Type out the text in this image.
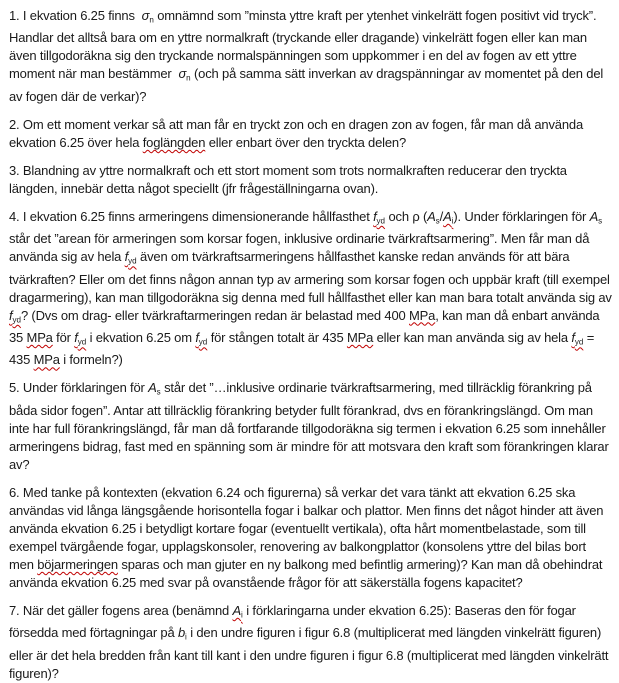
1. I ekvation 6.25 finns  $\sigma_n$ omnämnd som ”minsta yttre kraft per ytenhet vinkelrätt fogen positivt vid tryck”. Handlar det alltså bara om en yttre normalkraft (tryckande eller dragande) vinkelrätt fogen eller kan man även tillgodoräkna sig den tryckande normalspänningen som uppkommer i en del av fogen av ett yttre moment när man bestämmer  $\sigma_n$ (och på samma sätt inverkan av dragspänningar av momentet på den del av fogen där de verkar)?

2. Om ett moment verkar så att man får en tryckt zon och en dragen zon av fogen, får man då använda ekvation 6.25 över hela foglängden eller enbart över den tryckta delen?

3. Blandning av yttre normalkraft och ett stort moment som trots normalkraften reducerar den tryckta längden, innebär detta något speciellt (jfr frågeställningarna ovan).

4. I ekvation 6.25 finns armeringens dimensionerande hållfasthet $f_{yd}$ och ρ $(A_s/A_i)$. Under förklaringen för $A_s$ står det ”arean för armeringen som korsar fogen, inklusive ordinarie tvärkraftsarmering”. Men får man då använda sig av hela $f_{yd}$ även om tvärkraftsarmeringens hållfasthet kanske redan används för att bära tvärkraften? Eller om det finns någon annan typ av armering som korsar fogen och uppbär kraft (till exempel dragarmering), kan man tillgodoräkna sig denna med full hållfasthet eller kan man bara totalt använda sig av $f_{yd}$? (Dvs om drag- eller tvärkraftarmeringen redan är belastad med 400 MPa, kan man då enbart använda 35 MPa för $f_{yd}$ i ekvation 6.25 om $f_{yd}$ för stången totalt är 435 MPa eller kan man använda sig av hela $f_{yd} = 435$ MPa i formeln?)

5. Under förklaringen för $A_s$ står det ”…inklusive ordinarie tvärkraftsarmering, med tillräcklig förankring på båda sidor fogen”. Antar att tillräcklig förankring betyder fullt förankrad, dvs en förankringslängd. Om man inte har full förankringslängd, får man då fortfarande tillgodoräkna sig termen i ekvation 6.25 som innehåller armeringens bidrag, fast med en spänning som är mindre för att motsvara den kraft som förankringen klarar av?

6. Med tanke på kontexten (ekvation 6.24 och figurerna) så verkar det vara tänkt att ekvation 6.25 ska användas vid långa längsgående horisontella fogar i balkar och plattor. Men finns det något hinder att även använda ekvation 6.25 i betydligt kortare fogar (eventuellt vertikala), ofta hårt momentbelastade, som till exempel tvärgående fogar, upplagskonsoler, renovering av balkongplattor (konsolens yttre del bilas bort men böjarmeringen sparas och man gjuter en ny balkong med befintlig armering)? Kan man då obehindrat använda ekvation 6.25 med svar på ovanstående frågor för att säkerställa fogens kapacitet?

7. När det gäller fogens area (benämnd $A_i$ i förklaringarna under ekvation 6.25): Baseras den för fogar försedda med förtagningar på $b_i$ i den undre figuren i figur 6.8 (multiplicerat med längden vinkelrätt figuren) eller är det hela bredden från kant till kant i den undre figuren i figur 6.8 (multiplicerat med längden vinkelrätt figuren)?
